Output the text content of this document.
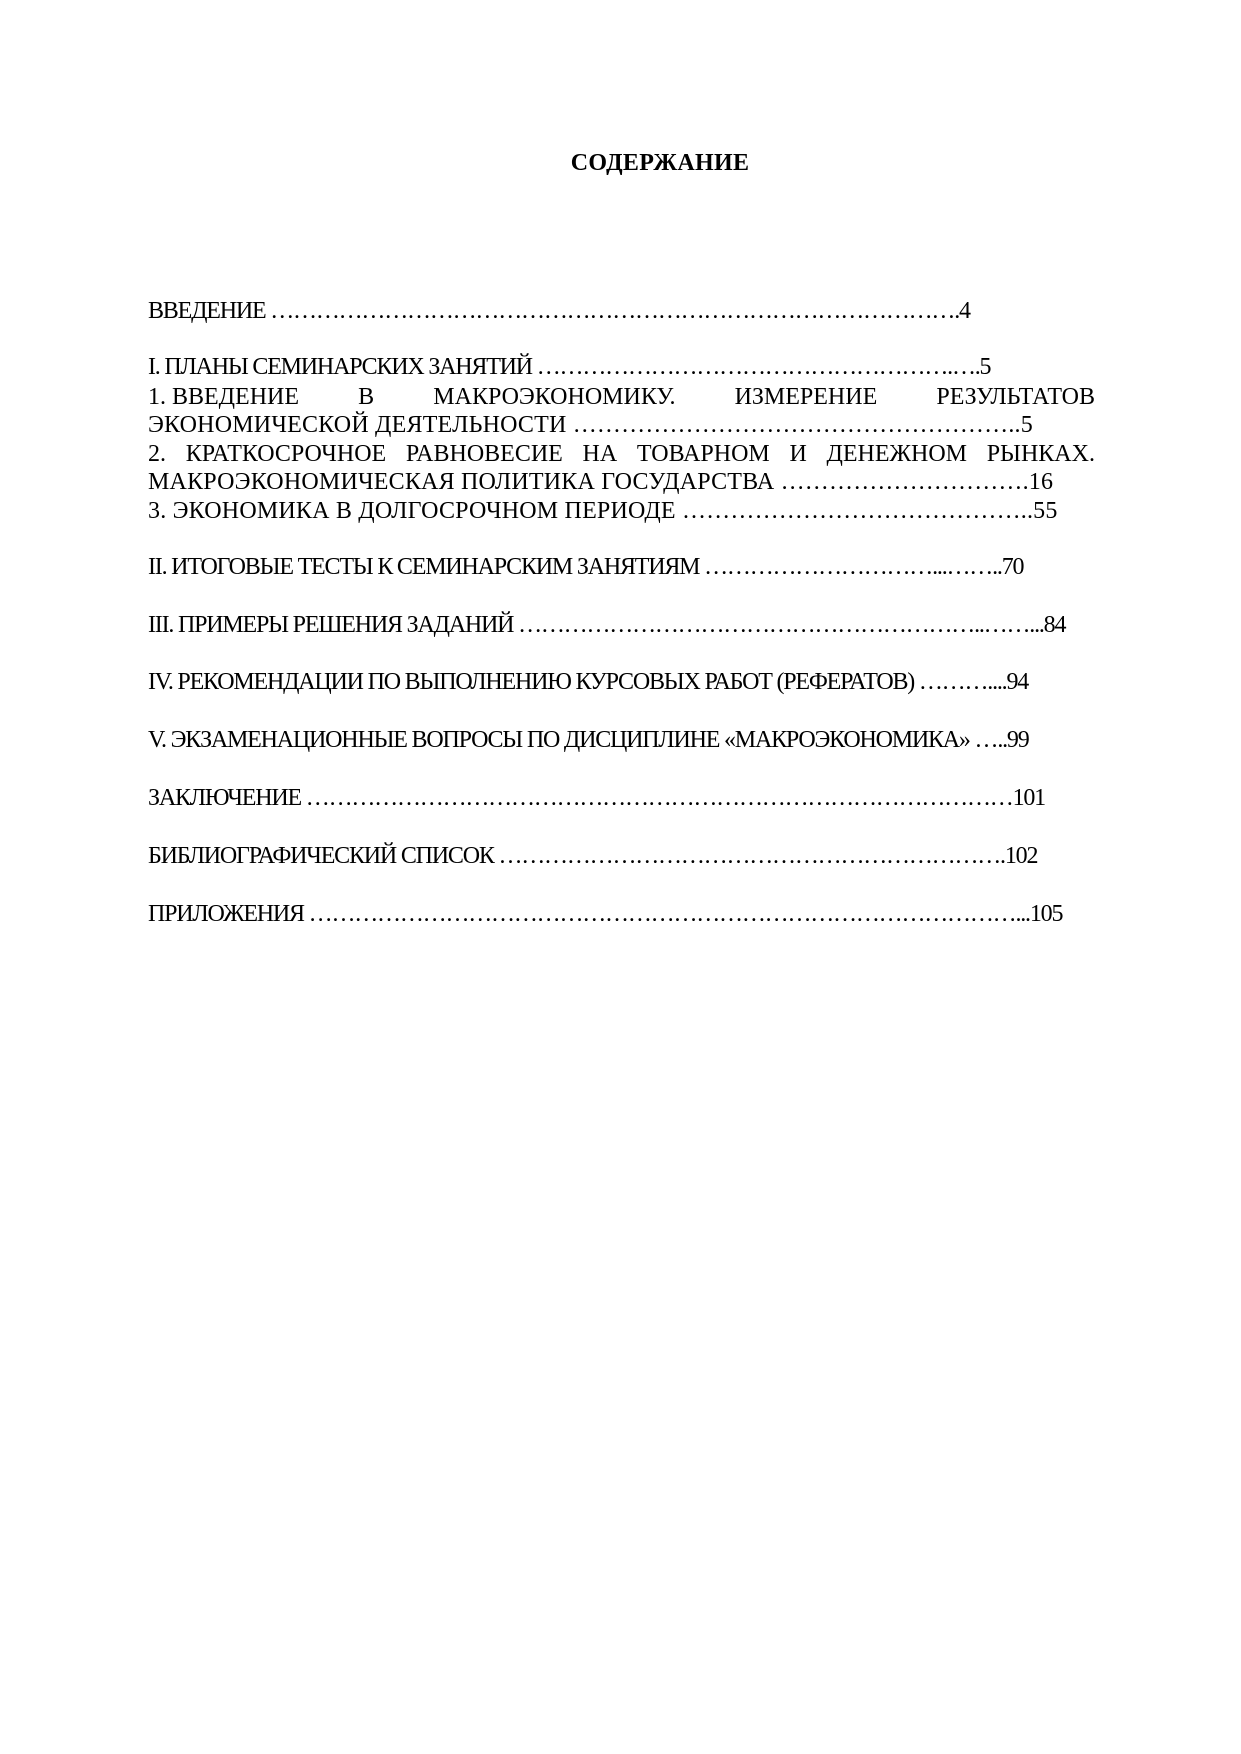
СОДЕРЖАНИЕ
ВВЕДЕНИЕ ……………………………………………………………………………….4
I. ПЛАНЫ СЕМИНАРСКИХ ЗАНЯТИЙ ……………………………………………….….5
1. ВВЕДЕНИЕ В МАКРОЭКОНОМИКУ. ИЗМЕРЕНИЕ РЕЗУЛЬТАТОВ
ЭКОНОМИЧЕСКОЙ ДЕЯТЕЛЬНОСТИ ………………………………………………..5
2. КРАТКОСРОЧНОЕ РАВНОВЕСИЕ НА ТОВАРНОМ И ДЕНЕЖНОМ РЫНКАХ.
МАКРОЭКОНОМИЧЕСКАЯ ПОЛИТИКА ГОСУДАРСТВА ………………………….16
3. ЭКОНОМИКА В ДОЛГОСРОЧНОМ ПЕРИОДЕ ……………………………………..55
II. ИТОГОВЫЕ ТЕСТЫ К СЕМИНАРСКИМ ЗАНЯТИЯМ …………………………...……..70
III. ПРИМЕРЫ РЕШЕНИЯ ЗАДАНИЙ ……………………………………………………..……...84
IV. РЕКОМЕНДАЦИИ ПО ВЫПОЛНЕНИЮ КУРСОВЫХ РАБОТ (РЕФЕРАТОВ) ………....94
V. ЭКЗАМЕНАЦИОННЫЕ ВОПРОСЫ ПО ДИСЦИПЛИНЕ «МАКРОЭКОНОМИКА» …..99
ЗАКЛЮЧЕНИЕ …………………………………………………………………………………101
БИБЛИОГРАФИЧЕСКИЙ СПИСОК ………………………………………………………….102
ПРИЛОЖЕНИЯ …………………………………………………………………………………...105
